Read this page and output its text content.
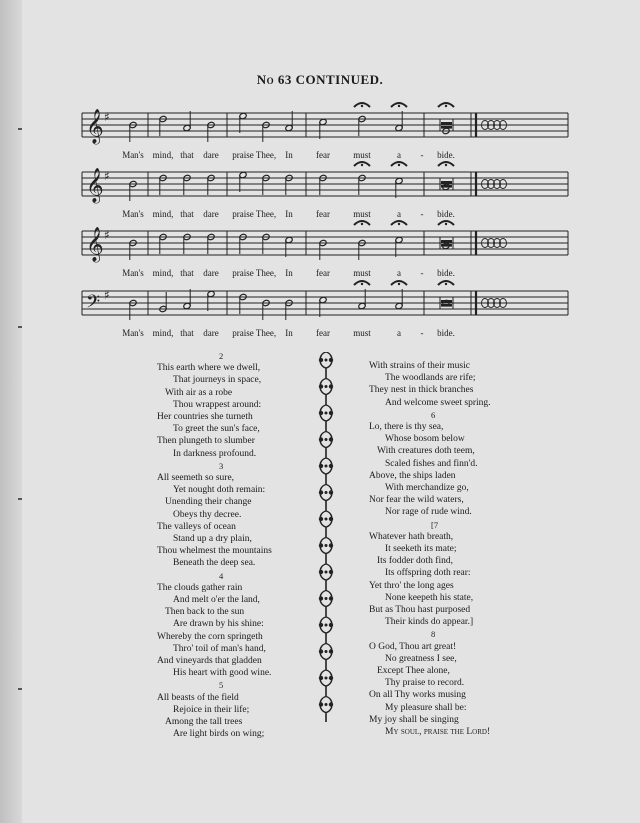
No 63 CONTINUED.
𝄞 ♯
𝄞 ♯
𝄞 ♯
𝄢 ♯
Man's mind, that dare praise Thee, In	fear	must	a - bide.
Man's mind, that dare praise Thee, In	fear	must	a - bide.
Man's mind, that dare praise Thee, In	fear	must	a - bide.
Man's mind, that dare praise Thee, In	fear	must	a - bide.
2
This earth where we dwell,
That journeys in space,
With air as a robe
Thou wrappest around:
Her countries she turneth
To greet the sun's face,
Then plungeth to slumber
In darkness profound.
3
All seemeth so sure,
Yet nought doth remain:
Unending their change
Obeys thy decree.
The valleys of ocean
Stand up a dry plain,
Thou whelmest the mountains
Beneath the deep sea.
4
The clouds gather rain
And melt o'er the land,
Then back to the sun
Are drawn by his shine:
Whereby the corn springeth
Thro' toil of man's hand,
And vineyards that gladden
His heart with good wine.
5
All beasts of the field
Rejoice in their life;
Among the tall trees
Are light birds on wing;
With strains of their music
The woodlands are rife;
They nest in thick branches
And welcome sweet spring.
6
Lo, there is thy sea,
Whose bosom below
With creatures doth teem,
Scaled fishes and finn'd.
Above, the ships laden
With merchandize go,
Nor fear the wild waters,
Nor rage of rude wind.
[7
Whatever hath breath,
It seeketh its mate;
Its fodder doth find,
Its offspring doth rear:
Yet thro' the long ages
None keepeth his state,
But as Thou hast purposed
Their kinds do appear.]
8
O God, Thou art great!
No greatness I see,
Except Thee alone,
Thy praise to record.
On all Thy works musing
My pleasure shall be:
My joy shall be singing
My soul, praise the Lord!
